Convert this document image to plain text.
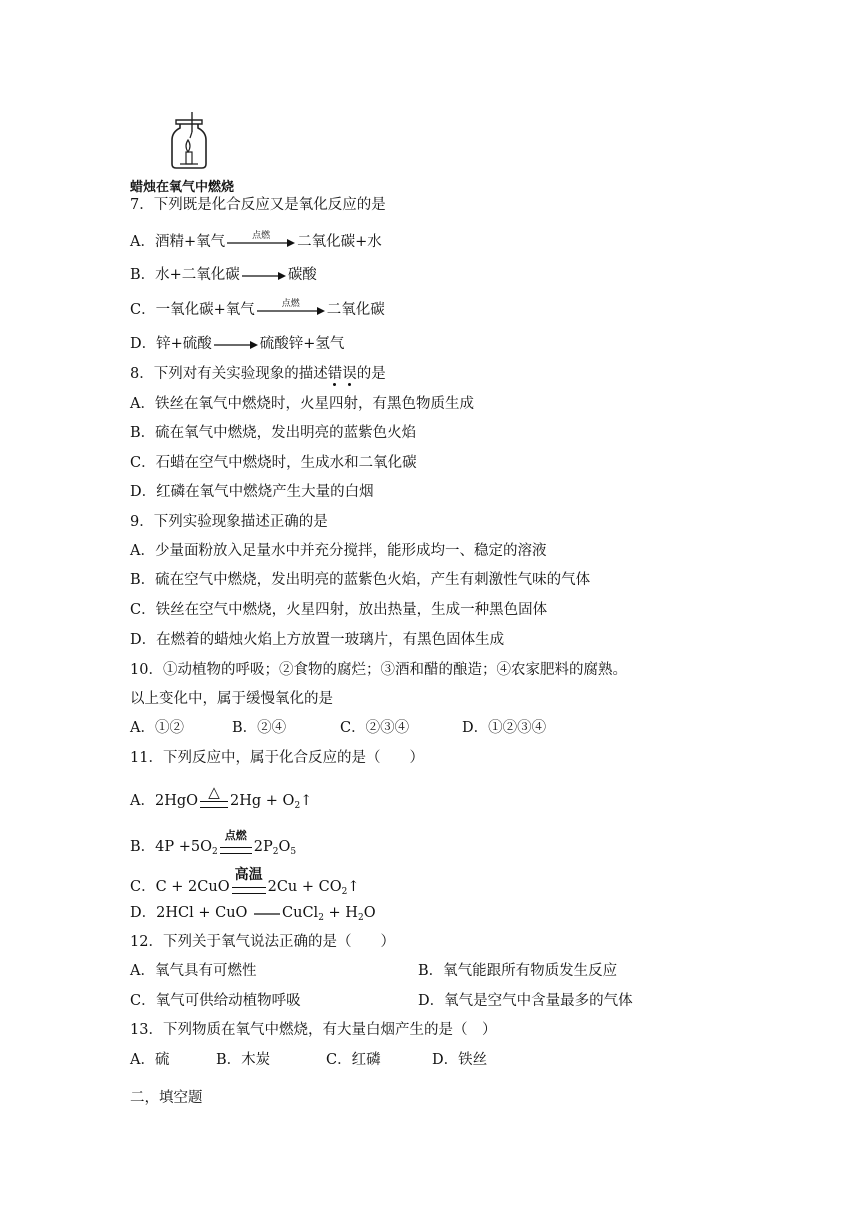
蜡烛在氧气中燃烧
7．下列既是化合反应又是氧化反应的是
A．酒精+氧气	点燃	二氧化碳+水
B．水+二氧化碳 → 碳酸
C．一氧化碳+氧气	点燃	二氧化碳
D．锌+硫酸 → 硫酸锌+氢气
8．下列对有关实验现象的描述错误的是
A．铁丝在氧气中燃烧时，火星四射，有黑色物质生成
B．硫在氧气中燃烧，发出明亮的蓝紫色火焰
C．石蜡在空气中燃烧时，生成水和二氧化碳
D．红磷在氧气中燃烧产生大量的白烟
9．下列实验现象描述正确的是
A．少量面粉放入足量水中并充分搅拌，能形成均一、稳定的溶液
B．硫在空气中燃烧，发出明亮的蓝紫色火焰，产生有刺激性气味的气体
C．铁丝在空气中燃烧，火星四射，放出热量，生成一种黑色固体
D．在燃着的蜡烛火焰上方放置一玻璃片，有黑色固体生成
10．①动植物的呼吸；②食物的腐烂；③酒和醋的酿造；④农家肥料的腐熟。
以上变化中，属于缓慢氧化的是
A．①②	B．②④	C．②③④	D．①②③④
11．下列反应中，属于化合反应的是（　　）
A．2HgO △ $2Hg + O_2↑$
B．$4P +5O_2$
点燃
$2P_2O_5$
C．C + 2CuO
高温
$2Cu + CO_2↑$
D．2HCl + CuO
CuCl$_2$ + $H_2O$
12．下列关于氧气说法正确的是（　　）
A．氧气具有可燃性	B．氧气能跟所有物质发生反应
C．氧气可供给动植物呼吸	D．氧气是空气中含量最多的气体
13．下列物质在氧气中燃烧，有大量白烟产生的是（　）
A．硫	B．木炭	C．红磷	D．铁丝
二，填空题
